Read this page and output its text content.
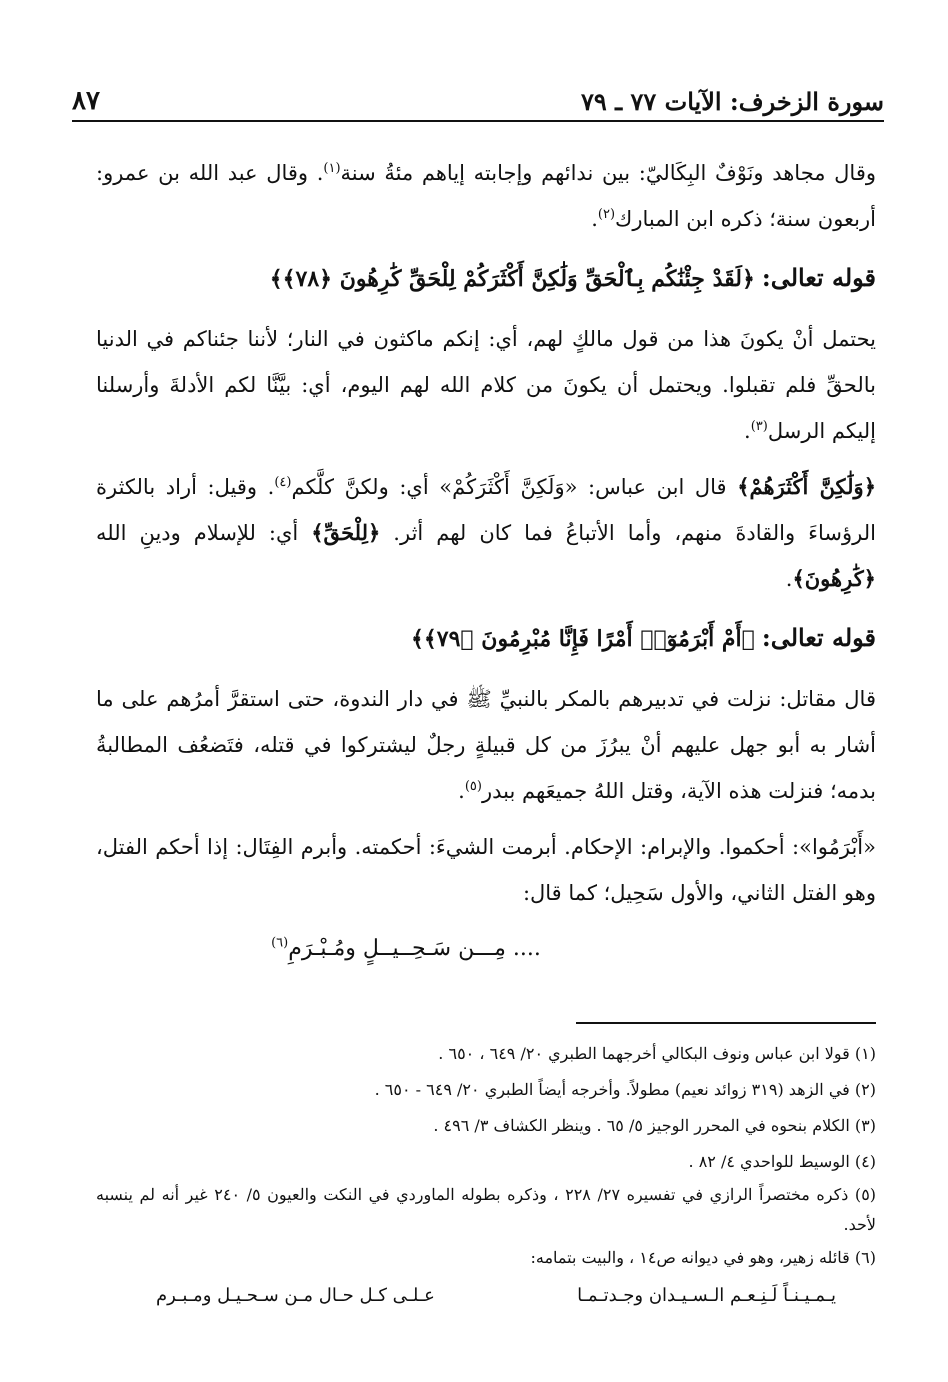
سورة الزخرف: الآيات ٧٧ ـ ٧٩
٨٧

وقال مجاهد ونَوْفٌ البِكَاليّ: بين ندائهم وإجابته إياهم مئةُ سنة$^{(١)}$. وقال عبد الله بن عمرو: أربعون سنة؛ ذكره ابن المبارك$^{(٢)}$.

قوله تعالى: ﴿لَقَدْ جِئْنَٰكُم بِٱلْحَقِّ وَلَٰكِنَّ أَكْثَرَكُمْ لِلْحَقِّ كَٰرِهُونَ ﴿٧٨﴾﴾

يحتمل أنْ يكونَ هذا من قول مالكٍ لهم، أي: إنكم ماكثون في النار؛ لأننا جئناكم في الدنيا بالحقِّ فلم تقبلوا. ويحتمل أن يكونَ من كلام الله لهم اليوم، أي: بيَّنَّا لكم الأدلةَ وأرسلنا إليكم الرسل$^{(٣)}$.

﴿وَلَٰكِنَّ أَكْثَرَهُمْ﴾ قال ابن عباس: «وَلَكِنَّ أَكْثَرَكُمْ» أي: ولكنَّ كلَّكم$^{(٤)}$. وقيل: أراد بالكثرة الرؤساءَ والقادةَ منهم، وأما الأتباعُ فما كان لهم أثر. ﴿لِلْحَقِّ﴾ أي: للإسلام ودينِ الله ﴿كَٰرِهُونَ﴾.

قوله تعالى: ﴿أَمْ أَبْرَمُوٓا۟ أَمْرًا فَإِنَّا مُبْرِمُونَ ﴿٧٩﴾﴾

قال مقاتل: نزلت في تدبيرهم بالمكر بالنبيِّ ﷺ في دار الندوة، حتى استقرَّ أمرُهم على ما أشار به أبو جهل عليهم أنْ يبرُزَ من كل قبيلةٍ رجلٌ ليشتركوا في قتله، فتَضعُف المطالبةُ بدمه؛ فنزلت هذه الآية، وقتل اللهُ جميعَهم ببدر$^{(٥)}$.

«أَبْرَمُوا»: أحكموا. والإبرام: الإحكام. أبرمت الشيءَ: أحكمته. وأبرم الفِتَال: إذا أحكم الفتل، وهو الفتل الثاني، والأول سَحِيل؛ كما قال:

.... مِـــن سَـحِــيــلٍ ومُـبْـرَمِ$^{(٦)}$

(١) قولا ابن عباس ونوف البكالي أخرجهما الطبري ٢٠/ ٦٤٩ ، ٦٥٠ .

(٢) في الزهد (٣١٩ زوائد نعيم) مطولاً. وأخرجه أيضاً الطبري ٢٠/ ٦٤٩ - ٦٥٠ .

(٣) الكلام بنحوه في المحرر الوجيز ٥/ ٦٥ . وينظر الكشاف ٣/ ٤٩٦ .

(٤) الوسيط للواحدي ٤/ ٨٢ .

(٥) ذكره مختصراً الرازي في تفسيره ٢٧/ ٢٢٨ ، وذكره بطوله الماوردي في النكت والعيون ٥/ ٢٤٠ غير أنه لم ينسبه لأحد.

(٦) قائله زهير، وهو في ديوانه ص١٤ ، والبيت بتمامه:

يـمـيـنـاً لَـنِـعـم الـسـيـدان وجـدتـمـا
عـلـى كـل حـال مـن سـحـيـل ومـبـرم
